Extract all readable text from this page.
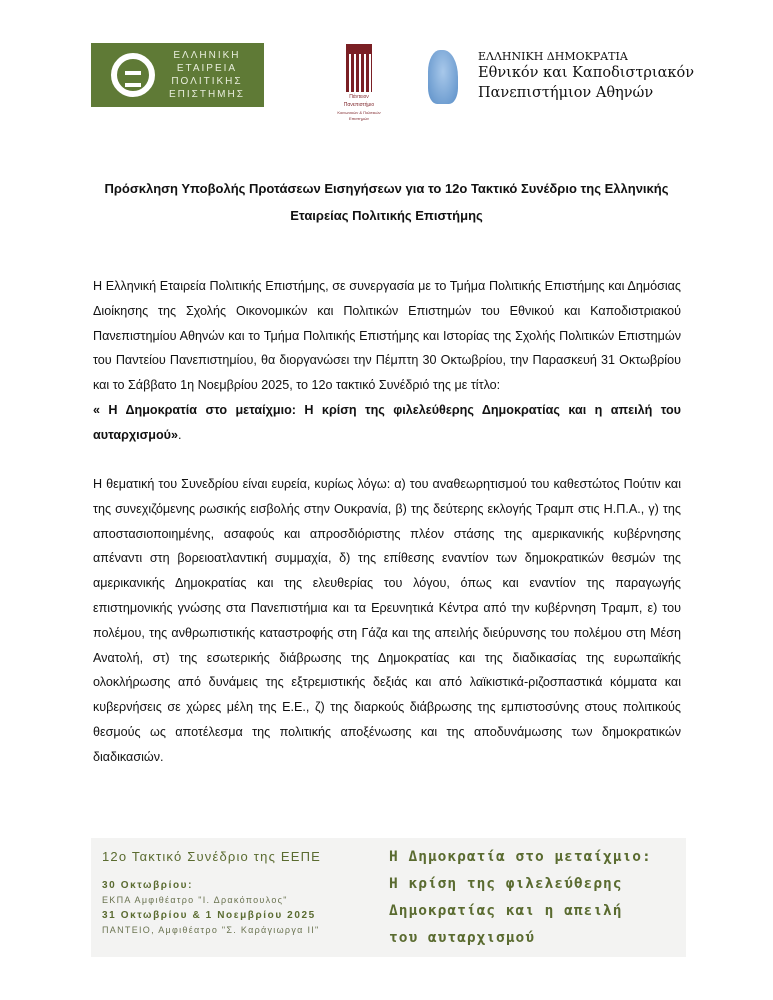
ΕΛΛΗΝΙΚΗ
ΕΤΑΙΡΕΙΑ
ΠΟΛΙΤΙΚΗΣ
ΕΠΙΣΤΗΜΗΣ	Πάντειον
Πανεπιστήμιο
Κοινωνικών & Πολιτικών Επιστημών
ΕΛΛΗΝΙΚΗ ΔΗΜΟΚΡΑΤΙΑ
Εθνικόν και Καποδιστριακόν
Πανεπιστήμιον Αθηνών
Πρόσκληση Υποβολής Προτάσεων Εισηγήσεων για το 12ο Τακτικό Συνέδριο της Ελληνικής Εταιρείας Πολιτικής Επιστήμης
Η Ελληνική Εταιρεία Πολιτικής Επιστήμης, σε συνεργασία με το Τμήμα Πολιτικής Επιστήμης και Δημόσιας Διοίκησης της Σχολής Οικονομικών και Πολιτικών Επιστημών του Εθνικού και Καποδιστριακού Πανεπιστημίου Αθηνών και το Τμήμα Πολιτικής Επιστήμης και Ιστορίας της Σχολής Πολιτικών Επιστημών του Παντείου Πανεπιστημίου, θα διοργανώσει την Πέμπτη 30 Οκτωβρίου, την Παρασκευή 31 Οκτωβρίου και το Σάββατο 1η Νοεμβρίου 2025, το 12ο τακτικό Συνέδριό της με τίτλο:
« Η Δημοκρατία στο μεταίχμιο: Η κρίση της φιλελεύθερης Δημοκρατίας και η απειλή του αυταρχισμού».
Η θεματική του Συνεδρίου είναι ευρεία, κυρίως λόγω: α) του αναθεωρητισμού του καθεστώτος Πούτιν και της συνεχιζόμενης ρωσικής εισβολής στην Ουκρανία, β) της δεύτερης εκλογής Τραμπ στις Η.Π.Α., γ) της αποστασιοποιημένης, ασαφούς και απροσδιόριστης πλέον στάσης της αμερικανικής κυβέρνησης απέναντι στη βορειοατλαντική συμμαχία, δ) της επίθεσης εναντίον των δημοκρατικών θεσμών της αμερικανικής Δημοκρατίας και της ελευθερίας του λόγου, όπως και εναντίον της παραγωγής επιστημονικής γνώσης στα Πανεπιστήμια και τα Ερευνητικά Κέντρα από την κυβέρνηση Τραμπ, ε) του πολέμου, της ανθρωπιστικής καταστροφής στη Γάζα και της απειλής διεύρυνσης του πολέμου στη Μέση Ανατολή, στ) της εσωτερικής διάβρωσης της Δημοκρατίας και της διαδικασίας της ευρωπαϊκής ολοκλήρωσης από δυνάμεις της εξτρεμιστικής δεξιάς και από λαϊκιστικά-ριζοσπαστικά κόμματα και κυβερνήσεις σε χώρες μέλη της Ε.Ε., ζ) της διαρκούς διάβρωσης της εμπιστοσύνης στους πολιτικούς θεσμούς ως αποτέλεσμα της πολιτικής αποξένωσης και της αποδυνάμωσης των δημοκρατικών διαδικασιών.
12ο Τακτικό Συνέδριο της ΕΕΠΕ
30 Οκτωβρίου:
ΕΚΠΑ Αμφιθέατρο "Ι. Δρακόπουλος"
31 Οκτωβρίου & 1 Νοεμβρίου 2025
ΠΑΝΤΕΙΟ, Αμφιθέατρο "Σ. Καράγιωργα ΙΙ"
Η Δημοκρατία στο μεταίχμιο:
Η κρίση της φιλελεύθερης
Δημοκρατίας και η απειλή
του αυταρχισμού
